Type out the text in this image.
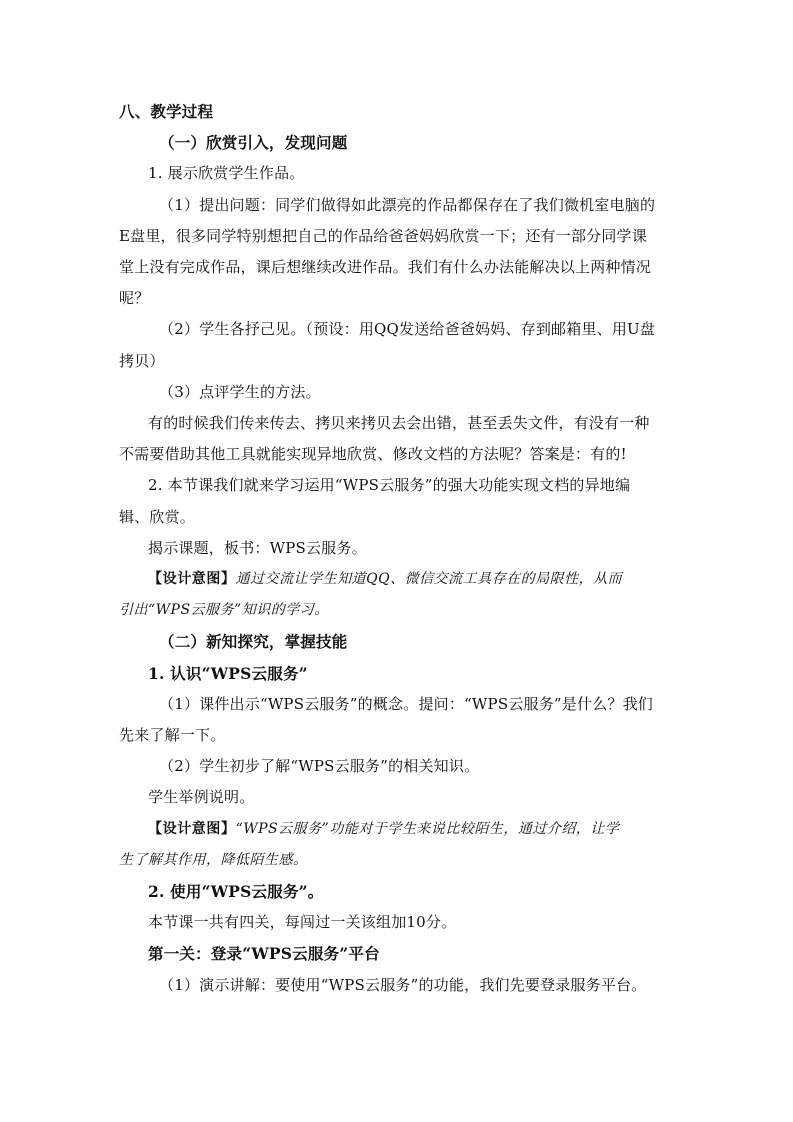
八、教学过程
（一）欣赏引入，发现问题
1. 展示欣赏学生作品。
（1）提出问题：同学们做得如此漂亮的作品都保存在了我们微机室电脑的
E盘里，很多同学特别想把自己的作品给爸爸妈妈欣赏一下；还有一部分同学课
堂上没有完成作品，课后想继续改进作品。我们有什么办法能解决以上两种情况
呢？
（2）学生各抒己见。（预设：用QQ发送给爸爸妈妈、存到邮箱里、用U盘
拷贝）
（3）点评学生的方法。
有的时候我们传来传去、拷贝来拷贝去会出错，甚至丢失文件，有没有一种
不需要借助其他工具就能实现异地欣赏、修改文档的方法呢？答案是：有的!
2. 本节课我们就来学习运用“WPS云服务”的强大功能实现文档的异地编
辑、欣赏。
揭示课题，板书：WPS云服务。
【设计意图】通过交流让学生知道QQ、微信交流工具存在的局限性，从而
引出“WPS云服务”知识的学习。
（二）新知探究，掌握技能
1. 认识“WPS云服务”
（1）课件出示“WPS云服务”的概念。提问：“WPS云服务”是什么？我们
先来了解一下。
（2）学生初步了解“WPS云服务”的相关知识。
学生举例说明。
【设计意图】“WPS云服务”功能对于学生来说比较陌生，通过介绍，让学
生了解其作用，降低陌生感。
2. 使用“WPS云服务”。
本节课一共有四关，每闯过一关该组加10分。
第一关：登录“WPS云服务”平台
（1）演示讲解：要使用“WPS云服务”的功能，我们先要登录服务平台。
